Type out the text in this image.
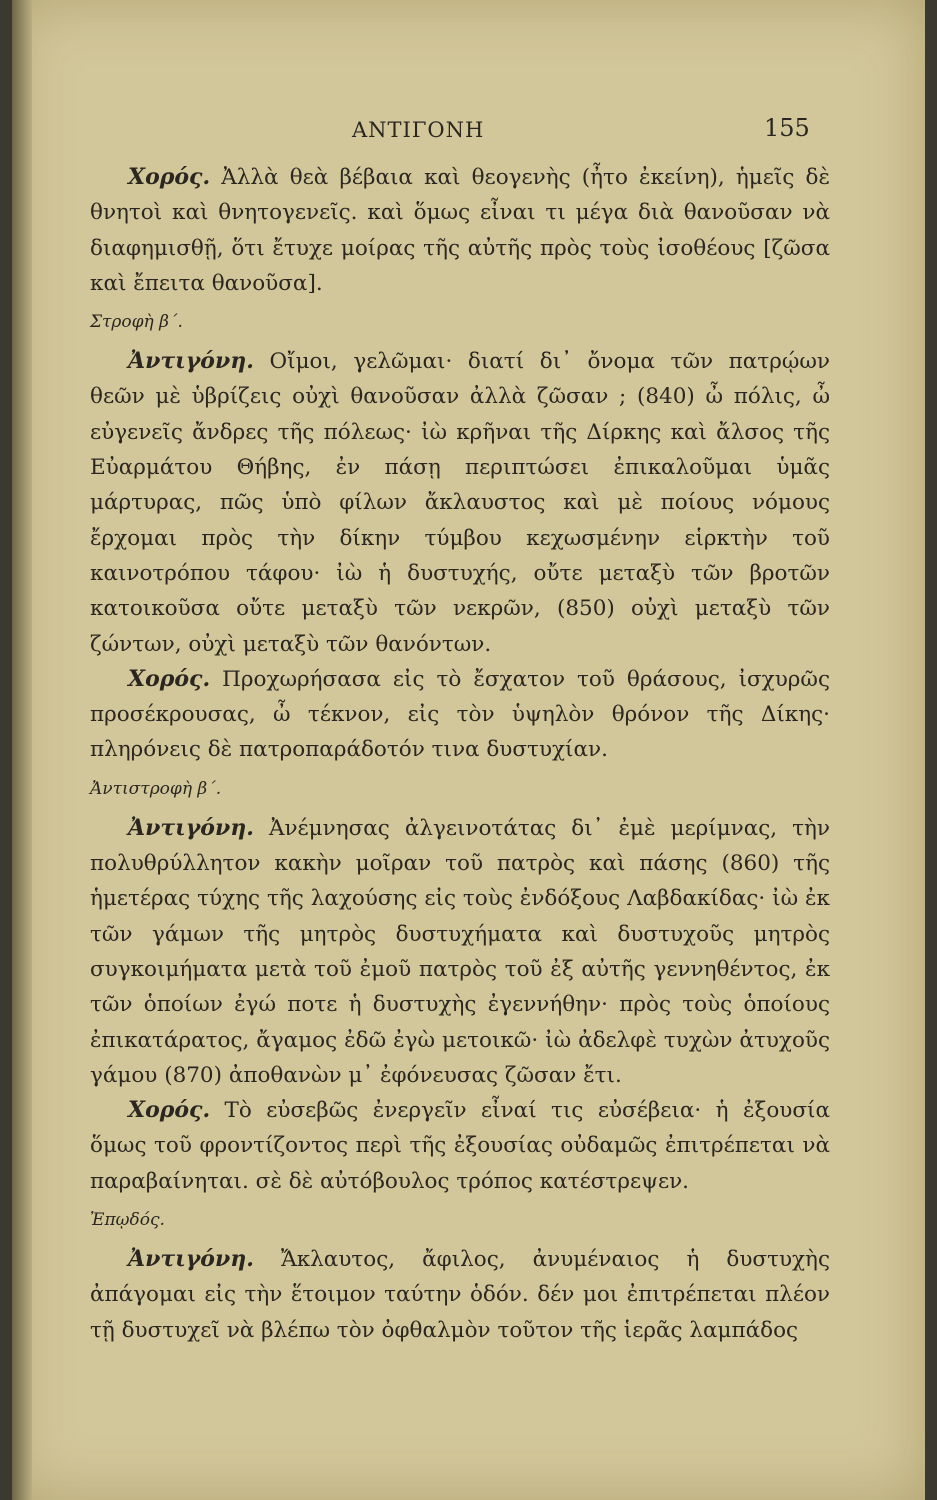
ΑΝΤΙΓΟΝΗ	155

Χορός. Ἀλλὰ θεὰ βέβαια καὶ θεογενὴς (ἦτο ἐκείνη), ἡμεῖς δὲ θνητοὶ καὶ θνητογενεῖς. καὶ ὅμως εἶναι τι μέγα διὰ θανοῦσαν νὰ διαφημισθῇ, ὅτι ἔτυχε μοίρας τῆς αὐτῆς πρὸς τοὺς ἰσοθέους [ζῶσα καὶ ἔπειτα θανοῦσα].

Στροφὴ β΄.

Ἀντιγόνη. Οἴμοι, γελῶμαι· διατί δι᾿ ὄνομα τῶν πατρῴων θεῶν μὲ ὑβρίζεις οὐχὶ θανοῦσαν ἀλλὰ ζῶσαν ; (840) ὦ πόλις, ὦ εὐγενεῖς ἄνδρες τῆς πόλεως· ἰὼ κρῆναι τῆς Δίρκης καὶ ἄλσος τῆς Εὐαρμάτου Θήβης, ἐν πάσῃ περιπτώσει ἐπικαλοῦμαι ὑμᾶς μάρτυρας, πῶς ὑπὸ φίλων ἄκλαυστος καὶ μὲ ποίους νόμους ἔρχομαι πρὸς τὴν δίκην τύμβου κεχωσμένην εἱρκτὴν τοῦ καινοτρόπου τάφου· ἰὼ ἡ δυστυχής, οὔτε μεταξὺ τῶν βροτῶν κατοικοῦσα οὔτε μεταξὺ τῶν νεκρῶν, (850) οὐχὶ μεταξὺ τῶν ζώντων, οὐχὶ μεταξὺ τῶν θανόντων.

Χορός. Προχωρήσασα εἰς τὸ ἔσχατον τοῦ θράσους, ἰσχυρῶς προσέκρουσας, ὦ τέκνον, εἰς τὸν ὑψηλὸν θρόνον τῆς Δίκης· πληρόνεις δὲ πατροπαράδοτόν τινα δυστυχίαν.

Ἀντιστροφὴ β΄.

Ἀντιγόνη. Ἀνέμνησας ἀλγεινοτάτας δι᾿ ἐμὲ μερίμνας, τὴν πολυθρύλλητον κακὴν μοῖραν τοῦ πατρὸς καὶ πάσης (860) τῆς ἡμετέρας τύχης τῆς λαχούσης εἰς τοὺς ἐνδόξους Λαβδακίδας· ἰὼ ἐκ τῶν γάμων τῆς μητρὸς δυστυχήματα καὶ δυστυχοῦς μητρὸς συγκοιμήματα μετὰ τοῦ ἐμοῦ πατρὸς τοῦ ἐξ αὐτῆς γεννηθέντος, ἐκ τῶν ὁποίων ἐγώ ποτε ἡ δυστυχὴς ἐγεννήθην· πρὸς τοὺς ὁποίους ἐπικατάρατος, ἄγαμος ἐδῶ ἐγὼ μετοικῶ· ἰὼ ἀδελφὲ τυχὼν ἀτυχοῦς γάμου (870) ἀποθανὼν μ᾿ ἐφόνευσας ζῶσαν ἔτι.

Χορός. Τὸ εὐσεβῶς ἐνεργεῖν εἶναί τις εὐσέβεια· ἡ ἐξουσία ὅμως τοῦ φροντίζοντος περὶ τῆς ἐξουσίας οὐδαμῶς ἐπιτρέπεται νὰ παραβαίνηται. σὲ δὲ αὐτόβουλος τρόπος κατέστρεψεν.

Ἐπῳδός.

Ἀντιγόνη. Ἄκλαυτος, ἄφιλος, ἀνυμέναιος ἡ δυστυχὴς ἀπάγομαι εἰς τὴν ἕτοιμον ταύτην ὁδόν. δέν μοι ἐπιτρέπεται πλέον τῇ δυστυχεῖ νὰ βλέπω τὸν ὀφθαλμὸν τοῦτον τῆς ἱερᾶς λαμπάδος
